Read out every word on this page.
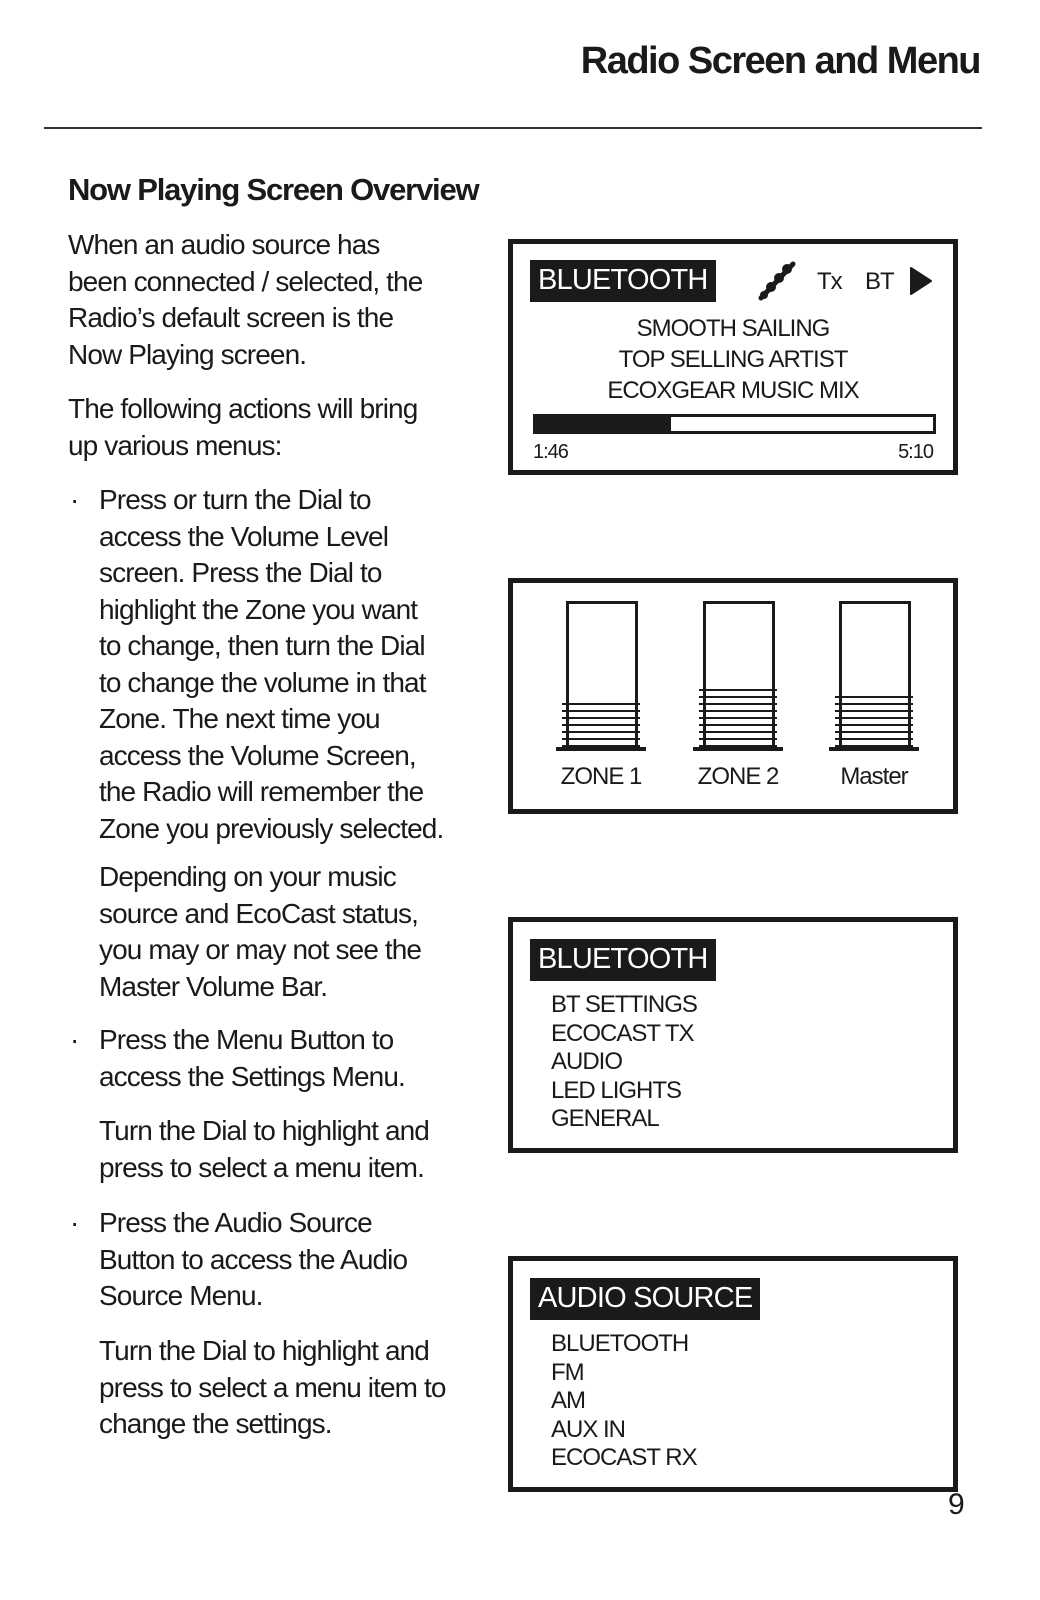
Radio Screen and Menu
Now Playing Screen Overview
When an audio source has
been connected / selected, the
Radio’s default screen is the
Now Playing screen.
The following actions will bring
up various menus:
· Press or turn the Dial to
access the Volume Level
screen. Press the Dial to
highlight the Zone you want
to change, then turn the Dial
to change the volume in that
Zone. The next time you
access the Volume Screen,
the Radio will remember the
Zone you previously selected.
Depending on your music
source and EcoCast status,
you may or may not see the
Master Volume Bar.
· Press the Menu Button to
access the Settings Menu.
Turn the Dial to highlight and
press to select a menu item.
· Press the Audio Source
Button to access the Audio
Source Menu.
Turn the Dial to highlight and
press to select a menu item to
change the settings.
BLUETOOTH	Tx BT
SMOOTH SAILING
TOP SELLING ARTIST
ECOXGEAR MUSIC MIX
1:46	5:10
ZONE 1	ZONE 2	Master
BLUETOOTH
BT SETTINGS
ECOCAST TX
AUDIO
LED LIGHTS
GENERAL
AUDIO SOURCE
BLUETOOTH
FM
AM
AUX IN
ECOCAST RX
9
